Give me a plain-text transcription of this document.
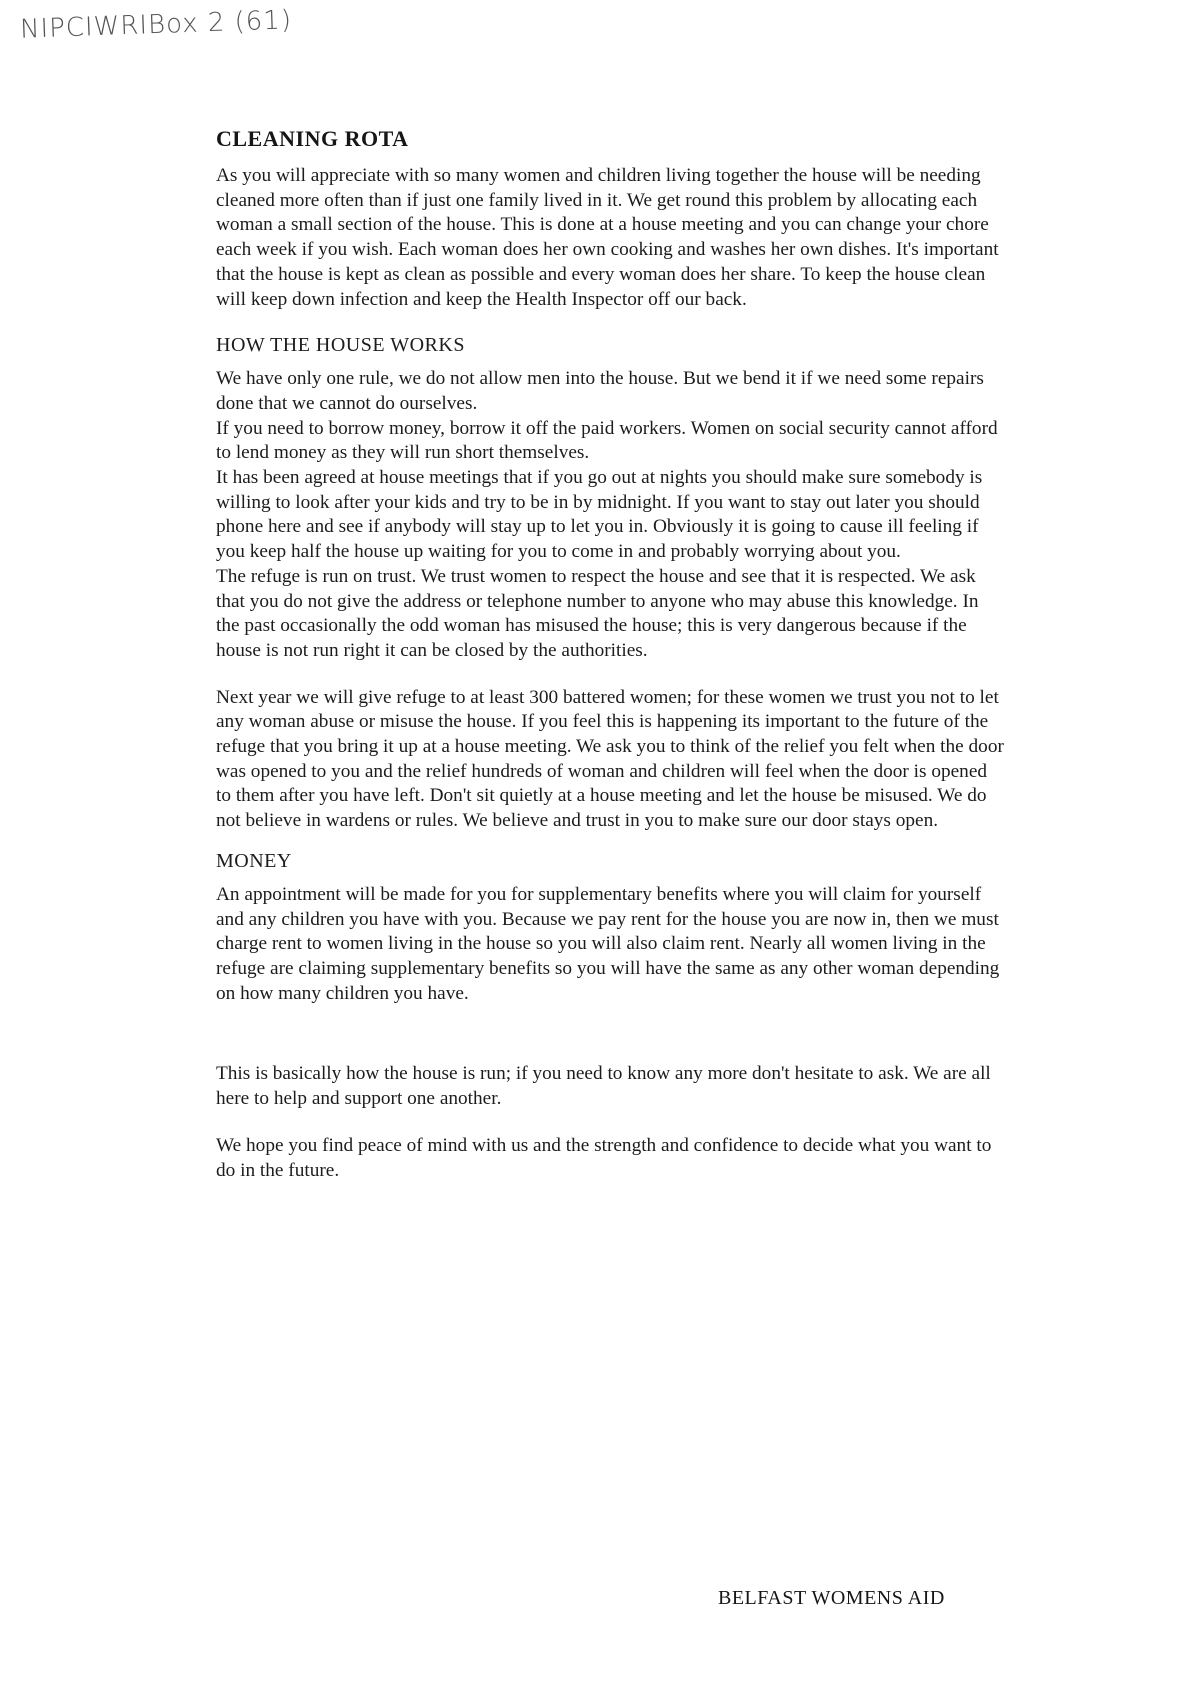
NIPCIWRIBox 2 (61)
CLEANING ROTA

As you will appreciate with so many women and children living together the house will be needing cleaned more often than if just one family lived in it. We get round this problem by allocating each woman a small section of the house. This is done at a house meeting and you can change your chore each week if you wish. Each woman does her own cooking and washes her own dishes. It's important that the house is kept as clean as possible and every woman does her share. To keep the house clean will keep down infection and keep the Health Inspector off our back.

HOW THE HOUSE WORKS

We have only one rule, we do not allow men into the house. But we bend it if we need some repairs done that we cannot do ourselves.

If you need to borrow money, borrow it off the paid workers. Women on social security cannot afford to lend money as they will run short themselves.

It has been agreed at house meetings that if you go out at nights you should make sure somebody is willing to look after your kids and try to be in by midnight. If you want to stay out later you should phone here and see if anybody will stay up to let you in. Obviously it is going to cause ill feeling if you keep half the house up waiting for you to come in and probably worrying about you.

The refuge is run on trust. We trust women to respect the house and see that it is respected. We ask that you do not give the address or telephone number to anyone who may abuse this knowledge. In the past occasionally the odd woman has misused the house; this is very dangerous because if the house is not run right it can be closed by the authorities.

Next year we will give refuge to at least 300 battered women; for these women we trust you not to let any woman abuse or misuse the house. If you feel this is happening its important to the future of the refuge that you bring it up at a house meeting. We ask you to think of the relief you felt when the door was opened to you and the relief hundreds of woman and children will feel when the door is opened to them after you have left. Don't sit quietly at a house meeting and let the house be misused. We do not believe in wardens or rules. We believe and trust in you to make sure our door stays open.

MONEY

An appointment will be made for you for supplementary benefits where you will claim for yourself and any children you have with you. Because we pay rent for the house you are now in, then we must charge rent to women living in the house so you will also claim rent. Nearly all women living in the refuge are claiming supplementary benefits so you will have the same as any other woman depending on how many children you have.

This is basically how the house is run; if you need to know any more don't hesitate to ask. We are all here to help and support one another.

We hope you find peace of mind with us and the strength and confidence to decide what you want to do in the future.

BELFAST WOMENS AID
